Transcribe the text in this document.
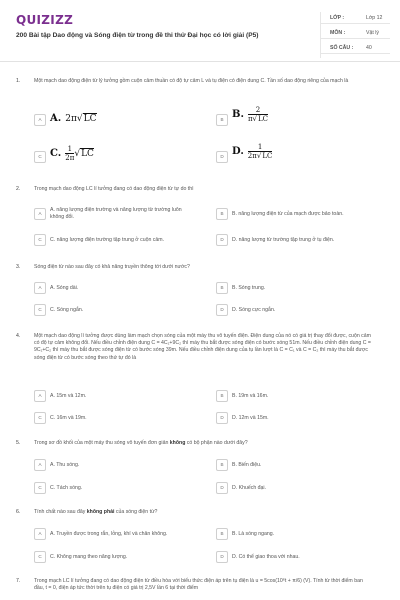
QUIZIZZ
200 Bài tập Dao động và Sóng điện từ trong đề thi thử Đại học có lời giải (P5)
LỚP :	Lớp 12
MÔN :	Vật lý
SỐ CÂU : 40
1.	Một mạch dao động điện từ lý tưởng gồm cuộn cảm thuần có độ tự cảm L và tụ điện có điện dung C. Tần số dao động riêng của mạch là
A A. 2π√LC	B B. $\frac{2}{\pi√LC}$
C C. $\frac{1}{2\pi} √LC$	D D. $\frac{1}{2\pi√LC}$
2.	Trong mạch dao động LC lí tưởng đang có dao động điện từ tự do thì
A
A. năng lượng điện trường và năng lượng từ trường luôn không đổi.
B	B. năng lượng điện từ của mạch được bảo toàn.
C	C. năng lượng điện trường tập trung ở cuộn cảm.	D	D. năng lượng từ trường tập trung ở tụ điện.
3.	Sóng điện từ nào sau đây có khả năng truyền thông tới dưới nước?
A	A. Sóng dài.	B	B. Sóng trung.
C	C. Sóng ngắn.	D	D. Sóng cực ngắn.
4.	Một mạch dao động lí tưởng được dùng làm mạch chọn sóng của một máy thu vô tuyến điện. Điện dung của nó có giá trị thay đổi được, cuộn cảm có độ tự cảm không đổi. Nếu điều chỉnh điện dung C = 4C₁+9C₂ thì máy thu bắt được sóng điện có bước sóng 51m. Nếu điều chỉnh điện dung C = 9C₁+C₂ thì máy thu bắt được sóng điện từ có bước sóng 39m. Nếu điều chỉnh điện dung của tụ lần lượt là C = C₁ và C = C₂ thì máy thu bắt được sóng điện từ có bước sóng theo thứ tự đó là
A	A. 15m và 12m.	B	B. 19m và 16m.
C	C. 16m và 19m.	D	D. 12m và 15m.
5.	Trong sơ đồ khối của một máy thu sóng vô tuyến đơn giản không có bộ phận nào dưới đây?
A	A. Thu sóng.	B	B. Biến điệu.
C	C. Tách sóng.	D	D. Khuếch đại.
6.	Tính chất nào sau đây không phải của sóng điện từ?
A	A. Truyền được trong rắn, lỏng, khí và chân không.	B	B. Là sóng ngang.
C	C. Không mang theo năng lượng.	D	D. Có thể giao thoa với nhau.
7.	Trong mạch LC lí tưởng đang có dao động điện từ điều hòa với biểu thức điện áp trên tụ điện là u = 5cos(10⁶t + π/6) (V). Tính từ thời điểm ban đầu, t = 0, điện áp tức thời trên tụ điện có giá trị 2,5V lần 6 tại thời điểm
